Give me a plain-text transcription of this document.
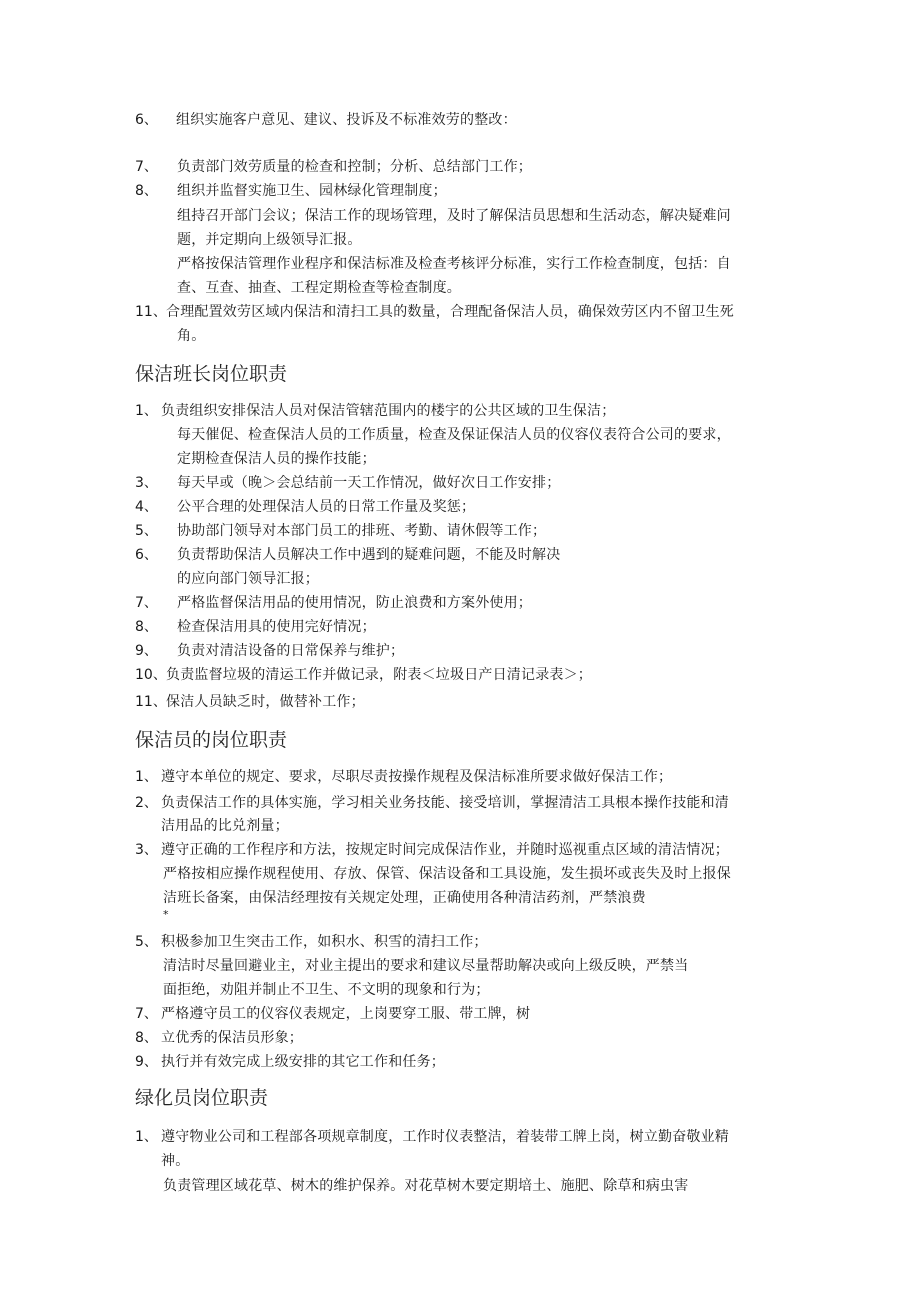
6、 组织实施客户意见、建议、投诉及不标准效劳的整改：
7、 负责部门效劳质量的检查和控制；分析、总结部门工作；
8、 组织并监督实施卫生、园林绿化管理制度；
组持召开部门会议；保洁工作的现场管理，及时了解保洁员思想和生活动态，解决疑难问
题，并定期向上级领导汇报。
严格按保洁管理作业程序和保洁标准及检查考核评分标准，实行工作检查制度，包括：自
查、互查、抽查、工程定期检查等检查制度。
11、 合理配置效劳区域内保洁和清扫工具的数量，合理配备保洁人员，确保效劳区内不留卫生死
角。
保洁班长岗位职责
1、 负责组织安排保洁人员对保洁管辖范围内的楼宇的公共区域的卫生保洁；
每天催促、检查保洁人员的工作质量，检查及保证保洁人员的仪容仪表符合公司的要求，
定期检查保洁人员的操作技能；
3、 每天早或（晚＞会总结前一天工作情况，做好次日工作安排；
4、 公平合理的处理保洁人员的日常工作量及奖惩；
5、 协助部门领导对本部门员工的排班、考勤、请休假等工作；
6、 负责帮助保洁人员解决工作中遇到的疑难问题，不能及时解决
的应向部门领导汇报；
7、 严格监督保洁用品的使用情况，防止浪费和方案外使用；
8、 检查保洁用具的使用完好情况；
9、 负责对清洁设备的日常保养与维护；
10、 负责监督垃圾的清运工作并做记录，附表＜垃圾日产日清记录表＞；
11、 保洁人员缺乏时，做替补工作；
保洁员的岗位职责
1、 遵守本单位的规定、要求，尽职尽责按操作规程及保洁标准所要求做好保洁工作；
2、 负责保洁工作的具体实施，学习相关业务技能、接受培训，掌握清洁工具根本操作技能和清
洁用品的比兑剂量；
3、 遵守正确的工作程序和方法，按规定时间完成保洁作业，并随时巡视重点区域的清洁情况；
严格按相应操作规程使用、存放、保管、保洁设备和工具设施，发生损坏或丧失及时上报保
洁班长备案，由保洁经理按有关规定处理，正确使用各种清洁药剂，严禁浪费
*
5、 积极参加卫生突击工作，如积水、积雪的清扫工作；
清洁时尽量回避业主，对业主提出的要求和建议尽量帮助解决或向上级反映，严禁当
面拒绝，劝阻并制止不卫生、不文明的现象和行为；
7、 严格遵守员工的仪容仪表规定，上岗要穿工服、带工牌，树
8、 立优秀的保洁员形象；
9、 执行并有效完成上级安排的其它工作和任务；
绿化员岗位职责
1、 遵守物业公司和工程部各项规章制度，工作时仪表整洁，着装带工牌上岗，树立勤奋敬业精
神。
负责管理区域花草、树木的维护保养。对花草树木要定期培土、施肥、除草和病虫害
